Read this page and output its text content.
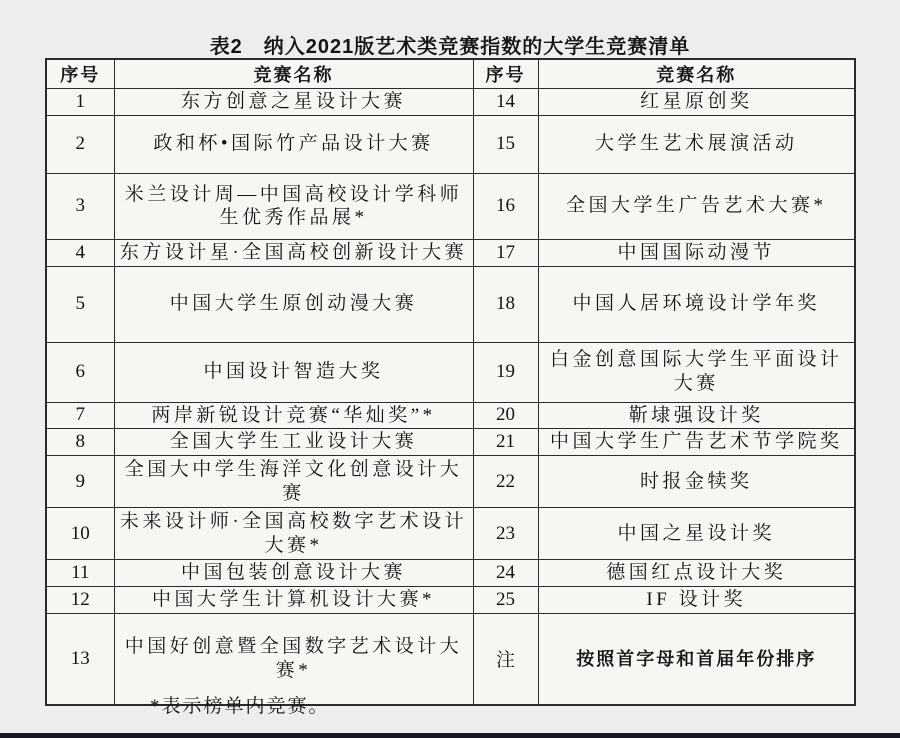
表2　纳入2021版艺术类竞赛指数的大学生竞赛清单
序号	竞赛名称	序号	竞赛名称
1	东方创意之星设计大赛	14	红星原创奖
2	政和杯•国际竹产品设计大赛	15	大学生艺术展演活动
3	米兰设计周—中国高校设计学科师生优秀作品展*	16	全国大学生广告艺术大赛*
4	东方设计星·全国高校创新设计大赛	17	中国国际动漫节
5	中国大学生原创动漫大赛	18	中国人居环境设计学年奖
6	中国设计智造大奖	19	白金创意国际大学生平面设计大赛
7	两岸新锐设计竞赛“华灿奖”*	20	靳埭强设计奖
8	全国大学生工业设计大赛	21	中国大学生广告艺术节学院奖
9	全国大中学生海洋文化创意设计大赛	22	时报金犊奖
10	未来设计师·全国高校数字艺术设计大赛*	23	中国之星设计奖
11	中国包装创意设计大赛	24	德国红点设计大奖
12	中国大学生计算机设计大赛*	25	IF 设计奖
13	中国好创意暨全国数字艺术设计大赛*	注	按照首字母和首届年份排序
*表示榜单内竞赛。
